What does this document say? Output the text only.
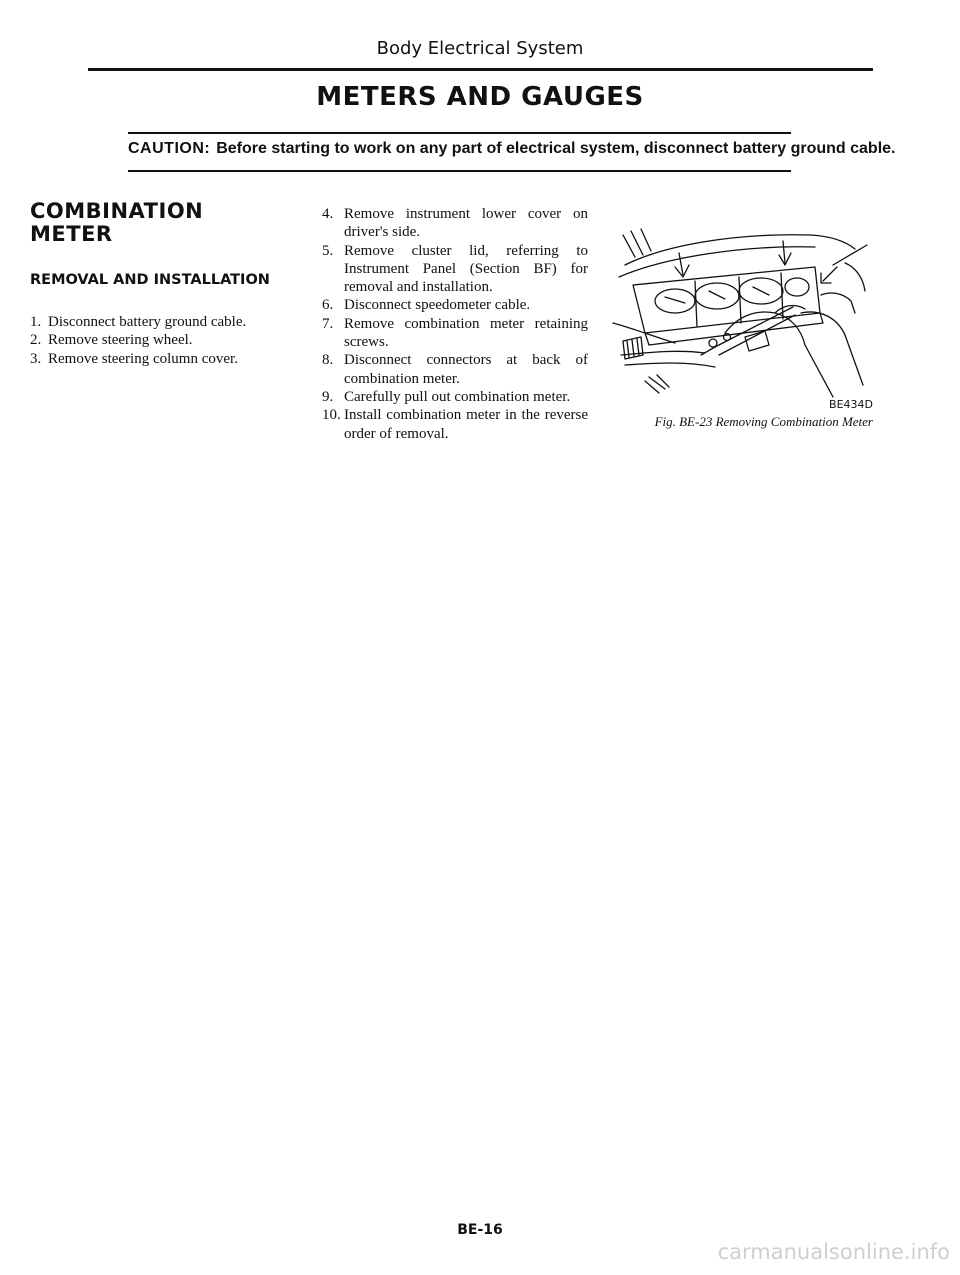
Body Electrical System
METERS AND GAUGES
CAUTION: Before starting to work on any part of electrical system, disconnect battery ground cable.
COMBINATION METER
REMOVAL AND INSTALLATION
1. Disconnect battery ground cable.
2. Remove steering wheel.
3. Remove steering column cover.
4. Remove instrument lower cover on driver's side.
5. Remove cluster lid, referring to Instrument Panel (Section BF) for removal and installation.
6. Disconnect speedometer cable.
7. Remove combination meter retaining screws.
8. Disconnect connectors at back of combination meter.
9. Carefully pull out combination meter.
10. Install combination meter in the reverse order of removal.
BE434D
Fig. BE-23 Removing Combination Meter
BE-16
carmanualsonline.info
